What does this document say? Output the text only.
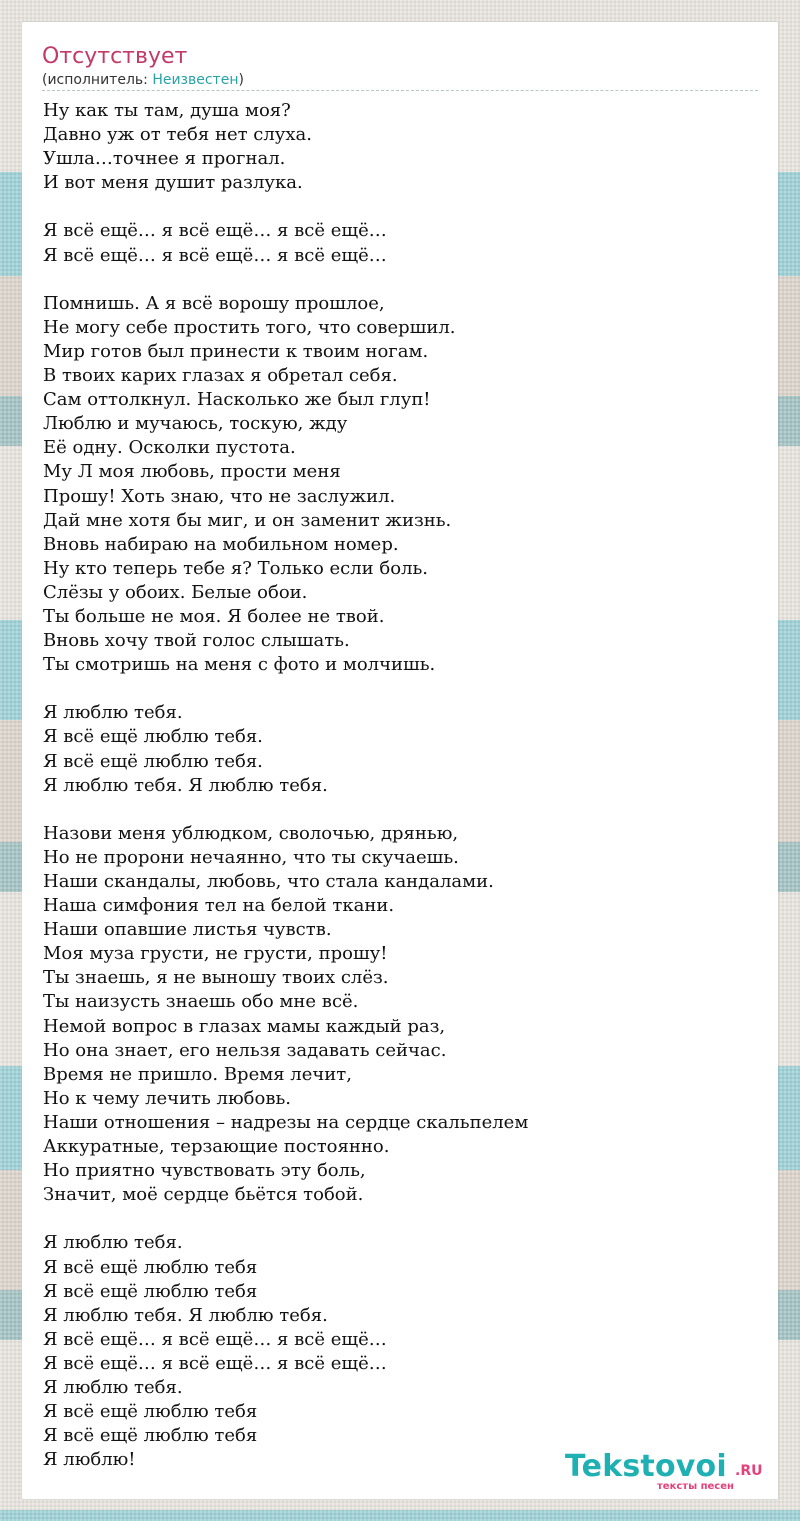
Отсутствует
(исполнитель: Неизвестен)
Ну как ты там, душа моя?
Давно уж от тебя нет слуха.
Ушла…точнее я прогнал.
И вот меня душит разлука.
Я всё ещё… я всё ещё… я всё ещё…
Я всё ещё… я всё ещё… я всё ещё…
Помнишь. А я всё ворошу прошлое,
Не могу себе простить того, что совершил.
Мир готов был принести к твоим ногам.
В твоих карих глазах я обретал себя.
Сам оттолкнул. Насколько же был глуп!
Люблю и мучаюсь, тоскую, жду
Её одну. Осколки пустота.
Му Л моя любовь, прости меня
Прошу! Хоть знаю, что не заслужил.
Дай мне хотя бы миг, и он заменит жизнь.
Вновь набираю на мобильном номер.
Ну кто теперь тебе я? Только если боль.
Слёзы у обоих. Белые обои.
Ты больше не моя. Я более не твой.
Вновь хочу твой голос слышать.
Ты смотришь на меня с фото и молчишь.
Я люблю тебя.
Я всё ещё люблю тебя.
Я всё ещё люблю тебя.
Я люблю тебя. Я люблю тебя.
Назови меня ублюдком, сволочью, дрянью,
Но не пророни нечаянно, что ты скучаешь.
Наши скандалы, любовь, что стала кандалами.
Наша симфония тел на белой ткани.
Наши опавшие листья чувств.
Моя муза грусти, не грусти, прошу!
Ты знаешь, я не выношу твоих слёз.
Ты наизусть знаешь обо мне всё.
Немой вопрос в глазах мамы каждый раз,
Но она знает, его нельзя задавать сейчас.
Время не пришло. Время лечит,
Но к чему лечить любовь.
Наши отношения – надрезы на сердце скальпелем
Аккуратные, терзающие постоянно.
Но приятно чувствовать эту боль,
Значит, моё сердце бьётся тобой.
Я люблю тебя.
Я всё ещё люблю тебя
Я всё ещё люблю тебя
Я люблю тебя. Я люблю тебя.
Я всё ещё… я всё ещё… я всё ещё…
Я всё ещё… я всё ещё… я всё ещё…
Я люблю тебя.
Я всё ещё люблю тебя
Я всё ещё люблю тебя
Я люблю!	Tekstovoi .RU
тексты песен
